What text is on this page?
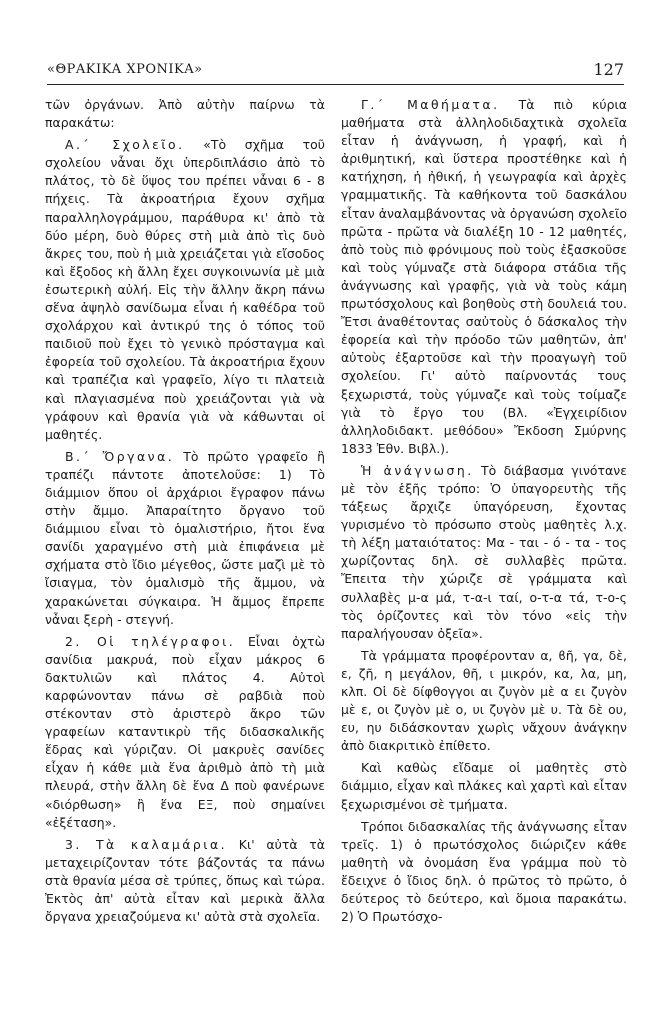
«ΘΡΑΚΙΚΑ ΧΡΟΝΙΚΑ»	127

τῶν ὀργάνων. Ἀπὸ αὐτὴν παίρνω τὰ παρακάτω:

Α.΄ Σχολεῖο. «Τὸ σχῆμα τοῦ σχολείου νἆναι ὄχι ὑπερδιπλάσιο ἀπὸ τὸ πλάτος, τὸ δὲ ὕψος του πρέπει νἆναι 6 - 8 πήχεις. Τὰ ἀκροατήρια ἔχουν σχῆμα παραλληλογράμμου, παράθυρα κι' ἀπὸ τὰ δύο μέρη, δυὸ θύρες στὴ μιὰ ἀπὸ τὶς δυὸ ἄκρες του, ποὺ ἡ μιὰ χρειάζεται γιὰ εἴσοδος καὶ ἔξοδος κὴ ἄλλη ἔχει συγκοινωνία μὲ μιὰ ἐσωτερικὴ αὐλή. Εἰς τὴν ἄλλην ἄκρη πάνω σἕνα ἀψηλὸ σανίδωμα εἶναι ἡ καθέδρα τοῦ σχολάρχου καὶ ἀντικρύ της ὁ τόπος τοῦ παιδιοῦ ποὺ ἔχει τὸ γενικὸ πρόσταγμα καὶ ἐφορεία τοῦ σχολείου. Τὰ ἀκροατήρια ἔχουν καὶ τραπέζια καὶ γραφεῖο, λίγο τι πλατειὰ καὶ πλαγιασμένα ποὺ χρειάζονται γιὰ νὰ γράφουν καὶ θρανία γιὰ νὰ κάθωνται οἱ μαθητές.

Β.΄ Ὄργανα. Τὸ πρῶτο γραφεῖο ἢ τραπέζι πάντοτε ἀποτελοῦσε: 1) Τὸ διάμμιον ὅπου οἱ ἀρχάριοι ἔγραφον πάνω στὴν ἄμμο. Ἀπαραίτητο ὄργανο τοῦ διάμμιου εἶναι τὸ ὁμαλιστήριο, ἤτοι ἕνα σανίδι χαραγμένο στὴ μιὰ ἐπιφάνεια μὲ σχήματα στὸ ἴδιο μέγεθος, ὥστε μαζὶ μὲ τὸ ἴσιαγμα, τὸν ὁμαλισμὸ τῆς ἄμμου, νὰ χαρακώνεται σύγκαιρα. Ἡ ἄμμος ἔπρεπε νἆναι ξερὴ - στεγνή.

2. Οἱ τηλέγραφοι. Εἶναι ὀχτὼ σανίδια μακρυά, ποὺ εἶχαν μάκρος 6 δακτυλιῶν καὶ πλάτος 4. Αὐτοὶ καρφώνονταν πάνω σὲ ραβδιὰ ποὺ στέκονταν στὸ ἀριστερὸ ἄκρο τῶν γραφείων καταντικρὺ τῆς διδασκαλικῆς ἕδρας καὶ γύριζαν. Οἱ μακρυὲς σανίδες εἶχαν ἡ κάθε μιὰ ἕνα ἀριθμὸ ἀπὸ τὴ μιὰ πλευρά, στὴν ἄλλη δὲ ἕνα Δ ποὺ φανέρωνε «διόρθωση» ἢ ἕνα ΕΞ, ποὺ σημαίνει «ἐξέταση».

3. Τὰ καλαμάρια. Κι' αὐτὰ τὰ μεταχειρίζονταν τότε βάζοντάς τα πάνω στὰ θρανία μέσα σὲ τρύπες, ὅπως καὶ τώρα. Ἐκτὸς ἀπ' αὐτὰ εἶταν καὶ μερικὰ ἄλλα ὄργανα χρειαζούμενα κι' αὐτὰ στὰ σχολεῖα.

Γ.΄ Μαθήματα. Τὰ πιὸ κύρια μαθήματα στὰ ἀλληλοδιδαχτικὰ σχολεῖα εἶταν ἡ ἀνάγνωση, ἡ γραφή, καὶ ἡ ἀριθμητική, καὶ ὕστερα προστέθηκε καὶ ἡ κατήχηση, ἡ ἠθική, ἡ γεωγραφία καὶ ἀρχὲς γραμματικῆς. Τὰ καθήκοντα τοῦ δασκάλου εἶταν ἀναλαμβάνοντας νὰ ὀργανώση σχολεῖο πρῶτα - πρῶτα νὰ διαλέξη 10 - 12 μαθητές, ἀπὸ τοὺς πιὸ φρόνιμους ποὺ τοὺς ἐξασκοῦσε καὶ τοὺς γύμναζε στὰ διάφορα στάδια τῆς ἀνάγνωσης καὶ γραφῆς, γιὰ νὰ τοὺς κάμη πρωτόσχολους καὶ βοηθοὺς στὴ δουλειά του. Ἔτσι ἀναθέτοντας σαὐτοὺς ὁ δάσκαλος τὴν ἐφορεία καὶ τὴν πρόοδο τῶν μαθητῶν, ἀπ' αὐτοὺς ἐξαρτοῦσε καὶ τὴν προαγωγὴ τοῦ σχολείου. Γι' αὐτὸ παίρνοντάς τους ξεχωριστά, τοὺς γύμναζε καὶ τοὺς τοίμαζε γιὰ τὸ ἔργο του (Βλ. «Ἐγχειρίδιον ἀλληλοδιδακτ. μεθόδου» Ἔκδοση Σμύρνης 1833 Ἐθν. Βιβλ.).

Ἡ ἀνάγνωση. Τὸ διάβασμα γινότανε μὲ τὸν ἑξῆς τρόπο: Ὁ ὑπαγορευτὴς τῆς τάξεως ἄρχιζε ὑπαγόρευση, ἔχοντας γυρισμένο τὸ πρόσωπο στοὺς μαθητὲς λ.χ. τὴ λέξη ματαιότατος: Μα - ται - ό - τα - τος χωρίζοντας δηλ. σὲ συλλαβὲς πρῶτα. Ἔπειτα τὴν χώριζε σὲ γράμματα καὶ συλλαβὲς μ-α μά, τ-α-ι ταί, ο-τ-α τά, τ-ο-ς τὸς ὀρίζοντες καὶ τὸν τόνο «εἰς τὴν παραλήγουσαν ὀξεῖα».

Τὰ γράμματα προφέρονταν α, ϐῆ, γα, δὲ, ε, ζῆ, η μεγάλον, θῆ, ι μικρόν, κα, λα, μη, κλπ. Οἱ δὲ δίφθογγοι αι ζυγὸν μὲ α ει ζυγὸν μὲ ε, οι ζυγὸν μὲ ο, υι ζυγὸν μὲ υ. Τὰ δὲ ου, ευ, ηυ διδάσκονταν χωρὶς νἄχουν ἀνάγκην ἀπὸ διακριτικὸ ἐπίθετο.

Καὶ καθὼς εἴδαμε οἱ μαθητὲς στὸ διάμμιο, εἶχαν καὶ πλάκες καὶ χαρτὶ καὶ εἶταν ξεχωρισμένοι σὲ τμήματα.

Τρόποι διδασκαλίας τῆς ἀνάγνωσης εἶταν τρεῖς. 1) ὁ πρωτόσχολος διώριζεν κάθε μαθητὴ νὰ ὀνομάση ἕνα γράμμα ποὺ τὸ ἔδειχνε ὁ ἴδιος δηλ. ὁ πρῶτος τὸ πρῶτο, ὁ δεύτερος τὸ δεύτερο, καὶ ὅμοια παρακάτω. 2) Ὁ Πρωτόσχο-
